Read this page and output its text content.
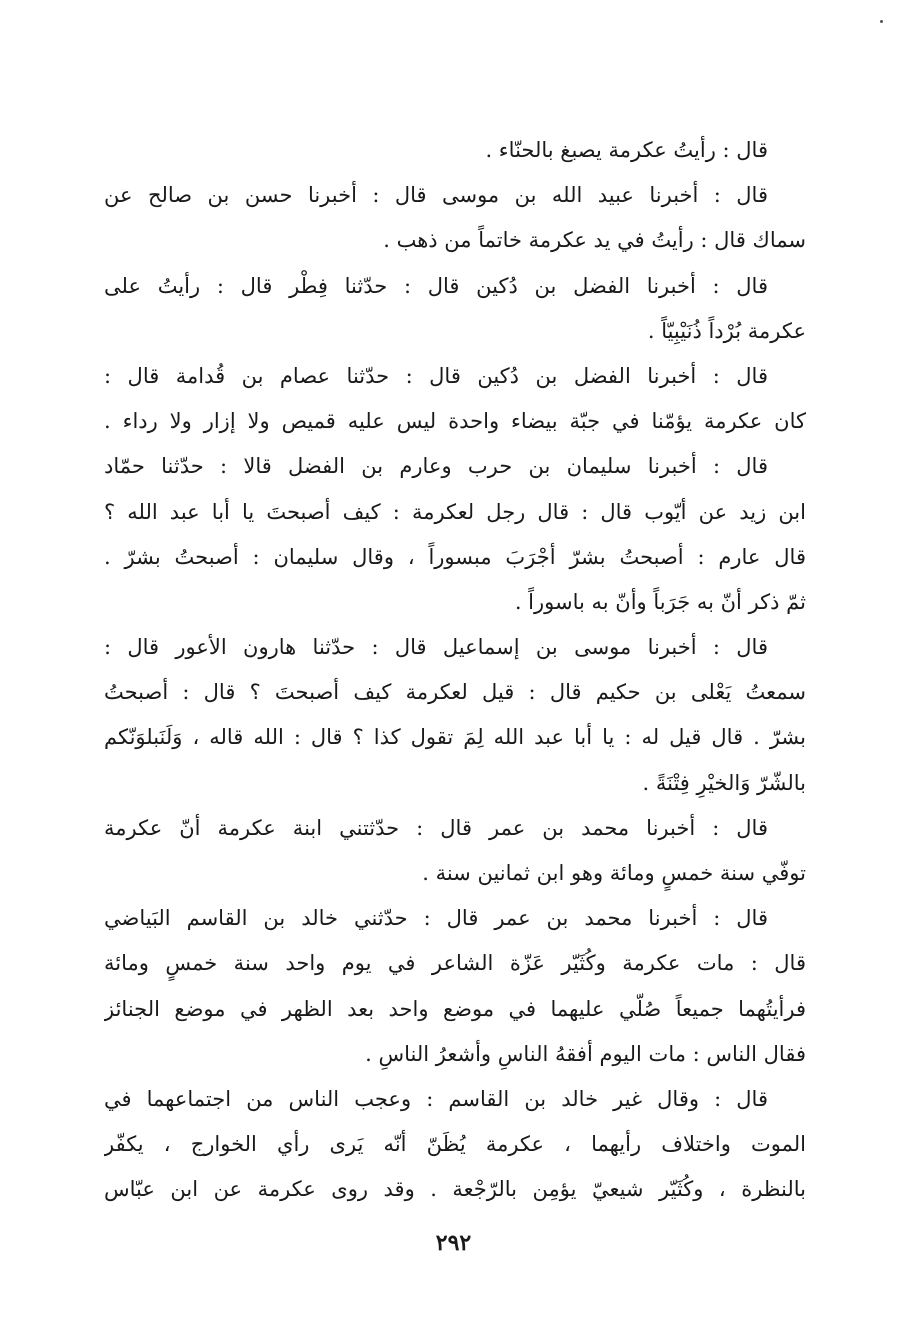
قال : رأيتُ عكرمة يصبغ بالحنّاء .
قال : أخبرنا عبيد الله بن موسى قال : أخبرنا حسن بن صالح عن
سماك قال : رأيتُ في يد عكرمة خاتماً من ذهب .
قال : أخبرنا الفضل بن دُكين قال : حدّثنا فِطْر قال : رأيتُ على
عكرمة بُرْداً ذُنَيْبِيّاً .
قال : أخبرنا الفضل بن دُكين قال : حدّثنا عصام بن قُدامة قال :
كان عكرمة يؤمّنا في جبّة بيضاء واحدة ليس عليه قميص ولا إزار ولا رداء .
قال : أخبرنا سليمان بن حرب وعارم بن الفضل قالا : حدّثنا حمّاد
ابن زيد عن أيّوب قال : قال رجل لعكرمة : كيف أصبحتَ يا أبا عبد الله ؟
قال عارم : أصبحتُ بشرّ أجْرَبَ مبسوراً ، وقال سليمان : أصبحتُ بشرّ .
ثمّ ذكر أنّ به جَرَباً وأنّ به باسوراً .
قال : أخبرنا موسى بن إسماعيل قال : حدّثنا هارون الأعور قال :
سمعتُ يَعْلى بن حكيم قال : قيل لعكرمة كيف أصبحتَ ؟ قال : أصبحتُ
بشرّ . قال قيل له : يا أبا عبد الله لِمَ تقول كذا ؟ قال : الله قاله ، وَلَنَبلوَنّكم
بالشّرّ وَالخيْرِ فِتْنَةً .
قال : أخبرنا محمد بن عمر قال : حدّثتني ابنة عكرمة أنّ عكرمة
توفّي سنة خمسٍ ومائة وهو ابن ثمانين سنة .
قال : أخبرنا محمد بن عمر قال : حدّثني خالد بن القاسم البَياضي
قال : مات عكرمة وكُثَيّر عَزّة الشاعر في يوم واحد سنة خمسٍ ومائة
فرأيتُهما جميعاً صُلّي عليهما في موضع واحد بعد الظهر في موضع الجنائز
فقال الناس : مات اليوم أفقهُ الناسِ وأشعرُ الناسِ .
قال : وقال غير خالد بن القاسم : وعجب الناس من اجتماعهما في
الموت واختلاف رأيهما ، عكرمة يُظَنّ أنّه يَرى رأي الخوارج ، يكفّر
بالنظرة ، وكُثَيّر شيعيّ يؤمِن بالرّجْعة . وقد روى عكرمة عن ابن عبّاس
٢٩٢
